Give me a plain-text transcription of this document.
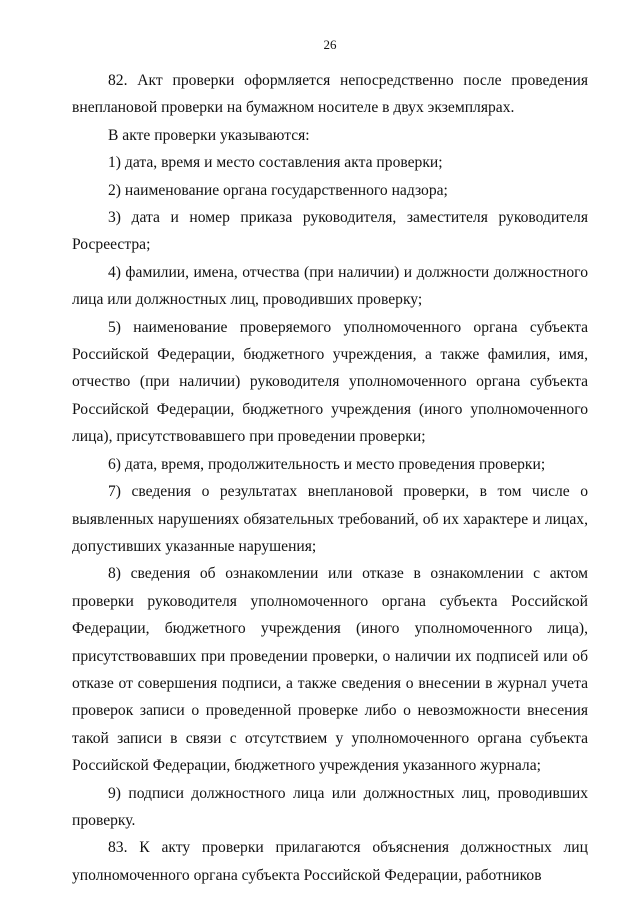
26

82. Акт проверки оформляется непосредственно после проведения внеплановой проверки на бумажном носителе в двух экземплярах.

В акте проверки указываются:

1) дата, время и место составления акта проверки;

2) наименование органа государственного надзора;

3) дата и номер приказа руководителя, заместителя руководителя Росреестра;

4) фамилии, имена, отчества (при наличии) и должности должностного лица или должностных лиц, проводивших проверку;

5) наименование проверяемого уполномоченного органа субъекта Российской Федерации, бюджетного учреждения, а также фамилия, имя, отчество (при наличии) руководителя уполномоченного органа субъекта Российской Федерации, бюджетного учреждения (иного уполномоченного лица), присутствовавшего при проведении проверки;

6) дата, время, продолжительность и место проведения проверки;

7) сведения о результатах внеплановой проверки, в том числе о выявленных нарушениях обязательных требований, об их характере и лицах, допустивших указанные нарушения;

8) сведения об ознакомлении или отказе в ознакомлении с актом проверки руководителя уполномоченного органа субъекта Российской Федерации, бюджетного учреждения (иного уполномоченного лица), присутствовавших при проведении проверки, о наличии их подписей или об отказе от совершения подписи, а также сведения о внесении в журнал учета проверок записи о проведенной проверке либо о невозможности внесения такой записи в связи с отсутствием у уполномоченного органа субъекта Российской Федерации, бюджетного учреждения указанного журнала;

9) подписи должностного лица или должностных лиц, проводивших проверку.

83. К акту проверки прилагаются объяснения должностных лиц уполномоченного органа субъекта Российской Федерации, работников
